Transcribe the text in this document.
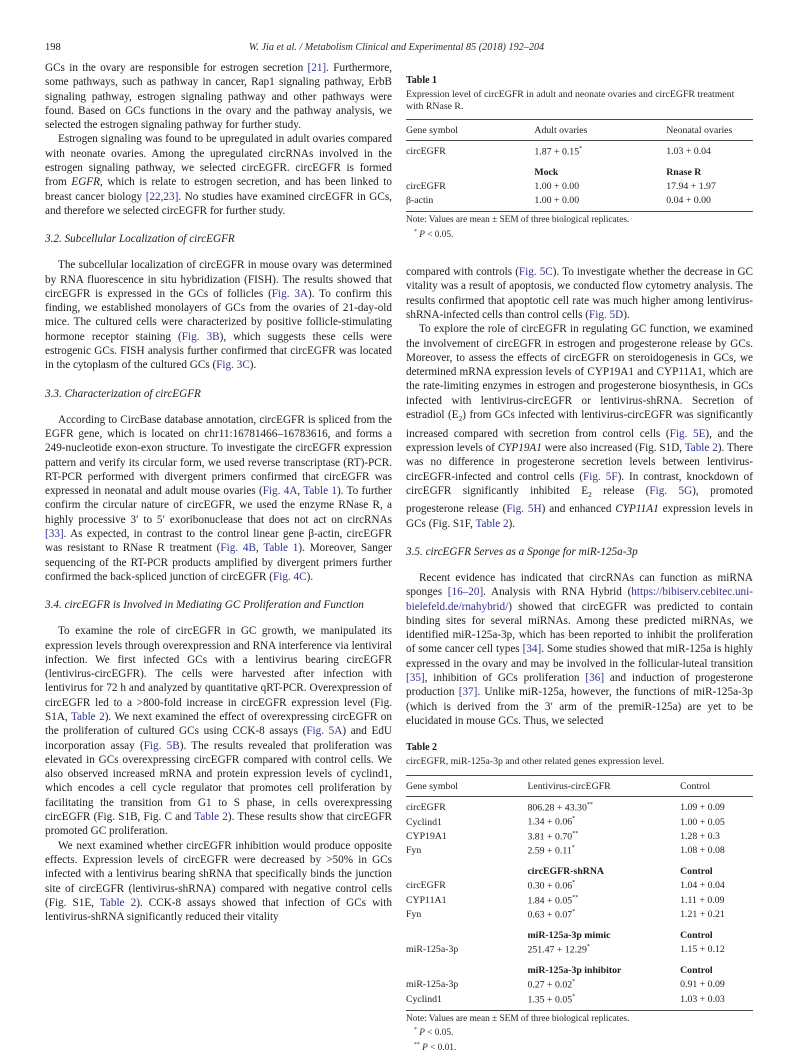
198	W. Jia et al. / Metabolism Clinical and Experimental 85 (2018) 192–204

GCs in the ovary are responsible for estrogen secretion [21]. Furthermore, some pathways, such as pathway in cancer, Rap1 signaling pathway, ErbB signaling pathway, estrogen signaling pathway and other pathways were found. Based on GCs functions in the ovary and the pathway analysis, we selected the estrogen signaling pathway for further study.

Estrogen signaling was found to be upregulated in adult ovaries compared with neonate ovaries. Among the upregulated circRNAs involved in the estrogen signaling pathway, we selected circEGFR. circEGFR is formed from EGFR, which is relate to estrogen secretion, and has been linked to breast cancer biology [22,23]. No studies have examined circEGFR in GCs, and therefore we selected circEGFR for further study.

3.2. Subcellular Localization of circEGFR

The subcellular localization of circEGFR in mouse ovary was determined by RNA fluorescence in situ hybridization (FISH). The results showed that circEGFR is expressed in the GCs of follicles (Fig. 3A). To confirm this finding, we established monolayers of GCs from the ovaries of 21-day-old mice. The cultured cells were characterized by positive follicle-stimulating hormone receptor staining (Fig. 3B), which suggests these cells were estrogenic GCs. FISH analysis further confirmed that circEGFR was located in the cytoplasm of the cultured GCs (Fig. 3C).

3.3. Characterization of circEGFR

According to CircBase database annotation, circEGFR is spliced from the EGFR gene, which is located on chr11:16781466–16783616, and forms a 249-nucleotide exon-exon structure. To investigate the circEGFR expression pattern and verify its circular form, we used reverse transcriptase (RT)-PCR. RT-PCR performed with divergent primers confirmed that circEGFR was expressed in neonatal and adult mouse ovaries (Fig. 4A, Table 1). To further confirm the circular nature of circEGFR, we used the enzyme RNase R, a highly processive 3′ to 5′ exoribonuclease that does not act on circRNAs [33]. As expected, in contrast to the control linear gene β-actin, circEGFR was resistant to RNase R treatment (Fig. 4B, Table 1). Moreover, Sanger sequencing of the RT-PCR products amplified by divergent primers further confirmed the back-spliced junction of circEGFR (Fig. 4C).

3.4. circEGFR is Involved in Mediating GC Proliferation and Function

To examine the role of circEGFR in GC growth, we manipulated its expression levels through overexpression and RNA interference via lentiviral infection. We first infected GCs with a lentivirus bearing circEGFR (lentivirus-circEGFR). The cells were harvested after infection with lentivirus for 72 h and analyzed by quantitative qRT-PCR. Overexpression of circEGFR led to a >800-fold increase in circEGFR expression level (Fig. S1A, Table 2). We next examined the effect of overexpressing circEGFR on the proliferation of cultured GCs using CCK-8 assays (Fig. 5A) and EdU incorporation assay (Fig. 5B). The results revealed that proliferation was elevated in GCs overexpressing circEGFR compared with control cells. We also observed increased mRNA and protein expression levels of cyclind1, which encodes a cell cycle regulator that promotes cell proliferation by facilitating the transition from G1 to S phase, in cells overexpressing circEGFR (Fig. S1B, Fig. C and Table 2). These results show that circEGFR promoted GC proliferation.

We next examined whether circEGFR inhibition would produce opposite effects. Expression levels of circEGFR were decreased by >50% in GCs infected with a lentivirus bearing shRNA that specifically binds the junction site of circEGFR (lentivirus-shRNA) compared with negative control cells (Fig. S1E, Table 2). CCK-8 assays showed that infection of GCs with lentivirus-shRNA significantly reduced their vitality

Table 1
Expression level of circEGFR in adult and neonate ovaries and circEGFR treatment with RNase R.
Gene symbol	Adult ovaries	Neonatal ovaries
circEGFR	1.87 + 0.15*	1.03 + 0.04
	Mock	Rnase R
circEGFR	1.00 + 0.00	17.94 + 1.97
β-actin	1.00 + 0.00	0.04 + 0.00
Note: Values are mean ± SEM of three biological replicates.
* P < 0.05.

compared with controls (Fig. 5C). To investigate whether the decrease in GC vitality was a result of apoptosis, we conducted flow cytometry analysis. The results confirmed that apoptotic cell rate was much higher among lentivirus-shRNA-infected cells than control cells (Fig. 5D).

To explore the role of circEGFR in regulating GC function, we examined the involvement of circEGFR in estrogen and progesterone release by GCs. Moreover, to assess the effects of circEGFR on steroidogenesis in GCs, we determined mRNA expression levels of CYP19A1 and CYP11A1, which are the rate-limiting enzymes in estrogen and progesterone biosynthesis, in GCs infected with lentivirus-circEGFR or lentivirus-shRNA. Secretion of estradiol $(E_2)$ from GCs infected with lentivirus-circEGFR was significantly increased compared with secretion from control cells (Fig. 5E), and the expression levels of CYP19A1 were also increased (Fig. S1D, Table 2). There was no difference in progesterone secretion levels between lentivirus-circEGFR-infected and control cells (Fig. 5F). In contrast, knockdown of circEGFR significantly inhibited $E_2$ release (Fig. 5G), promoted progesterone release (Fig. 5H) and enhanced CYP11A1 expression levels in GCs (Fig. S1F, Table 2).

3.5. circEGFR Serves as a Sponge for miR-125a-3p

Recent evidence has indicated that circRNAs can function as miRNA sponges [16–20]. Analysis with RNA Hybrid (https://bibiserv.cebitec.uni-bielefeld.de/rnahybrid/) showed that circEGFR was predicted to contain binding sites for several miRNAs. Among these predicted miRNAs, we identified miR-125a-3p, which has been reported to inhibit the proliferation of some cancer cell types [34]. Some studies showed that miR-125a is highly expressed in the ovary and may be involved in the follicular-luteal transition [35], inhibition of GCs proliferation [36] and induction of progesterone production [37]. Unlike miR-125a, however, the functions of miR-125a-3p (which is derived from the 3′ arm of the premiR-125a) are yet to be elucidated in mouse GCs. Thus, we selected

Table 2
circEGFR, miR-125a-3p and other related genes expression level.
Gene symbol	Lentivirus-circEGFR	Control
circEGFR	806.28 + 43.30**	1.09 + 0.09
Cyclind1	1.34 + 0.06*	1.00 + 0.05
CYP19A1	3.81 + 0.70**	1.28 + 0.3
Fyn	2.59 + 0.11*	1.08 + 0.08
	circEGFR-shRNA	Control
circEGFR	0.30 + 0.06*	1.04 + 0.04
CYP11A1	1.84 + 0.05**	1.11 + 0.09
Fyn	0.63 + 0.07*	1.21 + 0.21
	miR-125a-3p mimic	Control
miR-125a-3p	251.47 + 12.29*	1.15 + 0.12
	miR-125a-3p inhibitor	Control
miR-125a-3p	0.27 + 0.02*	0.91 + 0.09
Cyclind1	1.35 + 0.05*	1.03 + 0.03
Note: Values are mean ± SEM of three biological replicates.
* P < 0.05.
** P < 0.01.
